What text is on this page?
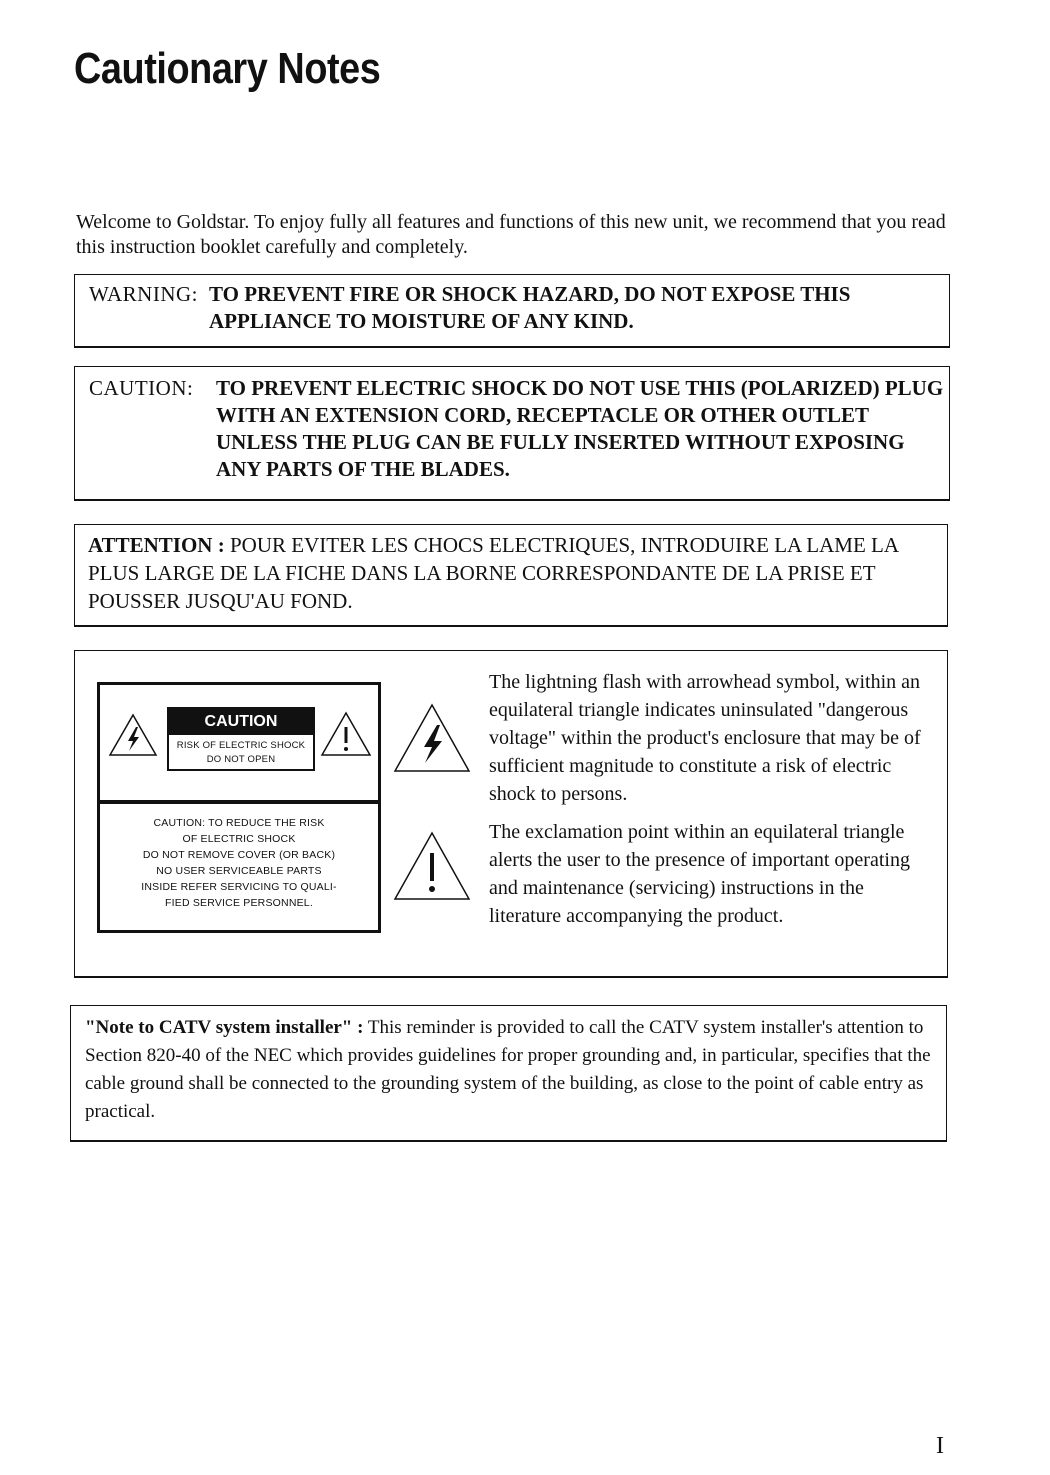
Cautionary Notes

Welcome to Goldstar. To enjoy fully all features and functions of this new unit, we recommend that you read this instruction booklet carefully and completely.

WARNING: TO PREVENT FIRE OR SHOCK HAZARD, DO NOT EXPOSE THIS APPLIANCE TO MOISTURE OF ANY KIND.
CAUTION: TO PREVENT ELECTRIC SHOCK DO NOT USE THIS (POLARIZED) PLUG WITH AN EXTENSION CORD, RECEPTACLE OR OTHER OUTLET UNLESS THE PLUG CAN BE FULLY INSERTED WITHOUT EXPOSING ANY PARTS OF THE BLADES.
ATTENTION : POUR EVITER LES CHOCS ELECTRIQUES, INTRODUIRE LA LAME LA PLUS LARGE DE LA FICHE DANS LA BORNE CORRESPONDANTE DE LA PRISE ET POUSSER JUSQU'AU FOND.
CAUTION
RISK OF ELECTRIC SHOCK
DO NOT OPEN
CAUTION: TO REDUCE THE RISK
OF ELECTRIC SHOCK
DO NOT REMOVE COVER (OR BACK)
NO USER SERVICEABLE PARTS
INSIDE REFER SERVICING TO QUALI-
FIED SERVICE PERSONNEL.
The lightning flash with arrowhead symbol, within an equilateral triangle indicates uninsulated "dangerous voltage" within the product's enclosure that may be of sufficient magnitude to constitute a risk of electric shock to persons.
The exclamation point within an equilateral triangle alerts the user to the presence of important operating and maintenance (servicing) instructions in the literature accompanying the product.
"Note to CATV system installer" : This reminder is provided to call the CATV system installer's attention to Section 820-40 of the NEC which provides guidelines for proper grounding and, in particular, specifies that the cable ground shall be connected to the grounding system of the building, as close to the point of cable entry as practical.
I
